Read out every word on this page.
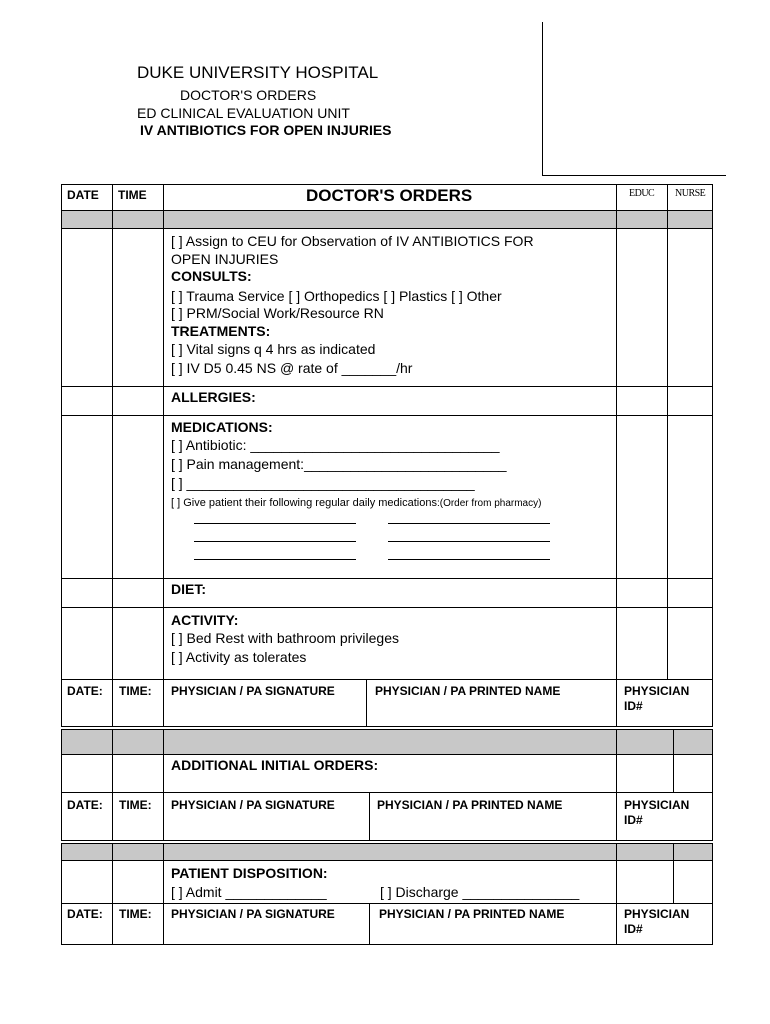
DUKE UNIVERSITY HOSPITAL
DOCTOR'S ORDERS
ED CLINICAL EVALUATION UNIT
IV ANTIBIOTICS FOR OPEN INJURIES
DATE TIME	DOCTOR'S ORDERS	EDUC NURSE
[ ] Assign to CEU for Observation of IV ANTIBIOTICS FOR
OPEN INJURIES
CONSULTS:
[ ] Trauma Service [ ] Orthopedics [ ] Plastics [ ] Other
[ ] PRM/Social Work/Resource RN
TREATMENTS:
[ ] Vital signs q 4 hrs as indicated
[ ] IV D5 0.45 NS @ rate of _______/hr
ALLERGIES:
MEDICATIONS:
[ ] Antibiotic: ________________________________
[ ] Pain management:__________________________
[ ] _____________________________________
[ ] Give patient their following regular daily medications:(Order from pharmacy)
DIET:
ACTIVITY:
[ ] Bed Rest with bathroom privileges
[ ] Activity as tolerates
DATE: TIME: PHYSICIAN / PA SIGNATURE	PHYSICIAN / PA PRINTED NAME	PHYSICIAN
ID#
ADDITIONAL INITIAL ORDERS:
DATE: TIME: PHYSICIAN / PA SIGNATURE	PHYSICIAN / PA PRINTED NAME	PHYSICIAN
ID#
PATIENT DISPOSITION:
[ ] Admit _____________	[ ] Discharge _______________
DATE: TIME: PHYSICIAN / PA SIGNATURE	PHYSICIAN / PA PRINTED NAME	PHYSICIAN
ID#
